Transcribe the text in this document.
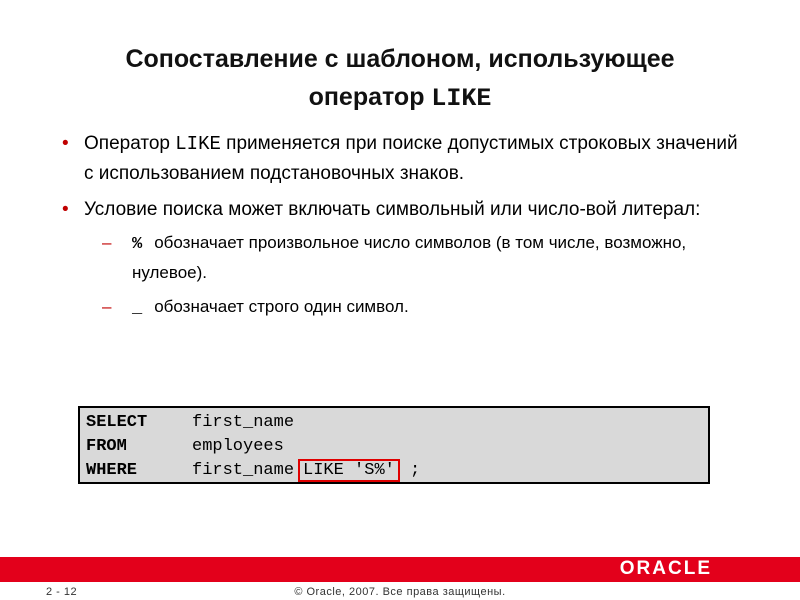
Сопоставление с шаблоном, использующее
оператор LIKE
• Оператор LIKE применяется при поиске допустимых строковых значений с использованием подстановочных знаков.
• Условие поиска может включать символьный или число-вой литерал:
– % обозначает произвольное число символов (в том числе, возможно, нулевое).
– _ обозначает строго один символ.
SELECT	first_name
FROM	employees
WHERE	first_name LIKE 'S%' ;
ORACLE
2 - 12	© Oracle, 2007. Все права защищены.
